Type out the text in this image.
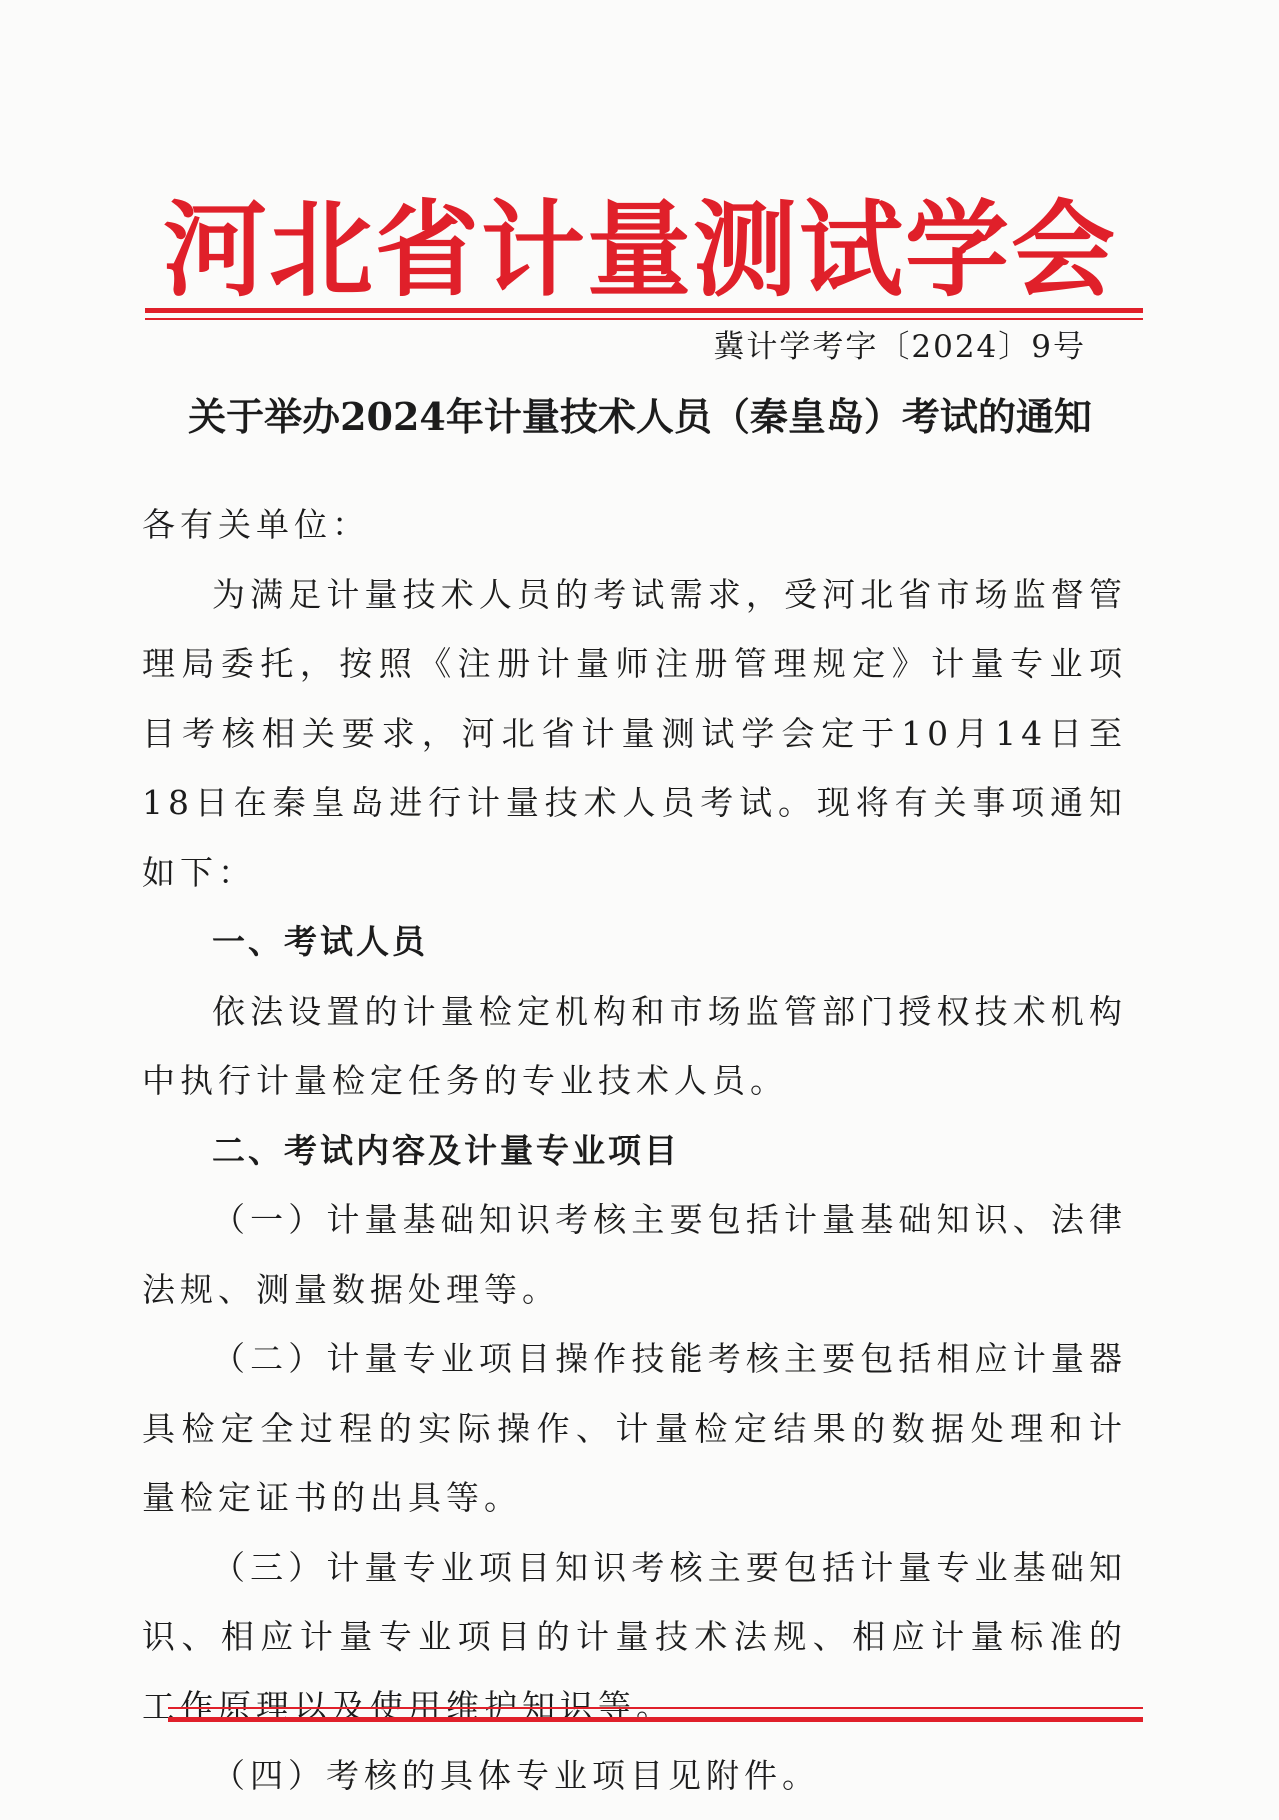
河北省计量测试学会
冀计学考字〔2024〕9号
关于举办2024年计量技术人员（秦皇岛）考试的通知

各有关单位：

为满足计量技术人员的考试需求，受河北省市场监督管理局委托，按照《注册计量师注册管理规定》计量专业项目考核相关要求，河北省计量测试学会定于10月14日至18日在秦皇岛进行计量技术人员考试。现将有关事项通知如下：

一、考试人员

依法设置的计量检定机构和市场监管部门授权技术机构中执行计量检定任务的专业技术人员。

二、考试内容及计量专业项目

（一）计量基础知识考核主要包括计量基础知识、法律法规、测量数据处理等。

（二）计量专业项目操作技能考核主要包括相应计量器具检定全过程的实际操作、计量检定结果的数据处理和计量检定证书的出具等。

（三）计量专业项目知识考核主要包括计量专业基础知识、相应计量专业项目的计量技术法规、相应计量标准的工作原理以及使用维护知识等。

（四）考核的具体专业项目见附件。
